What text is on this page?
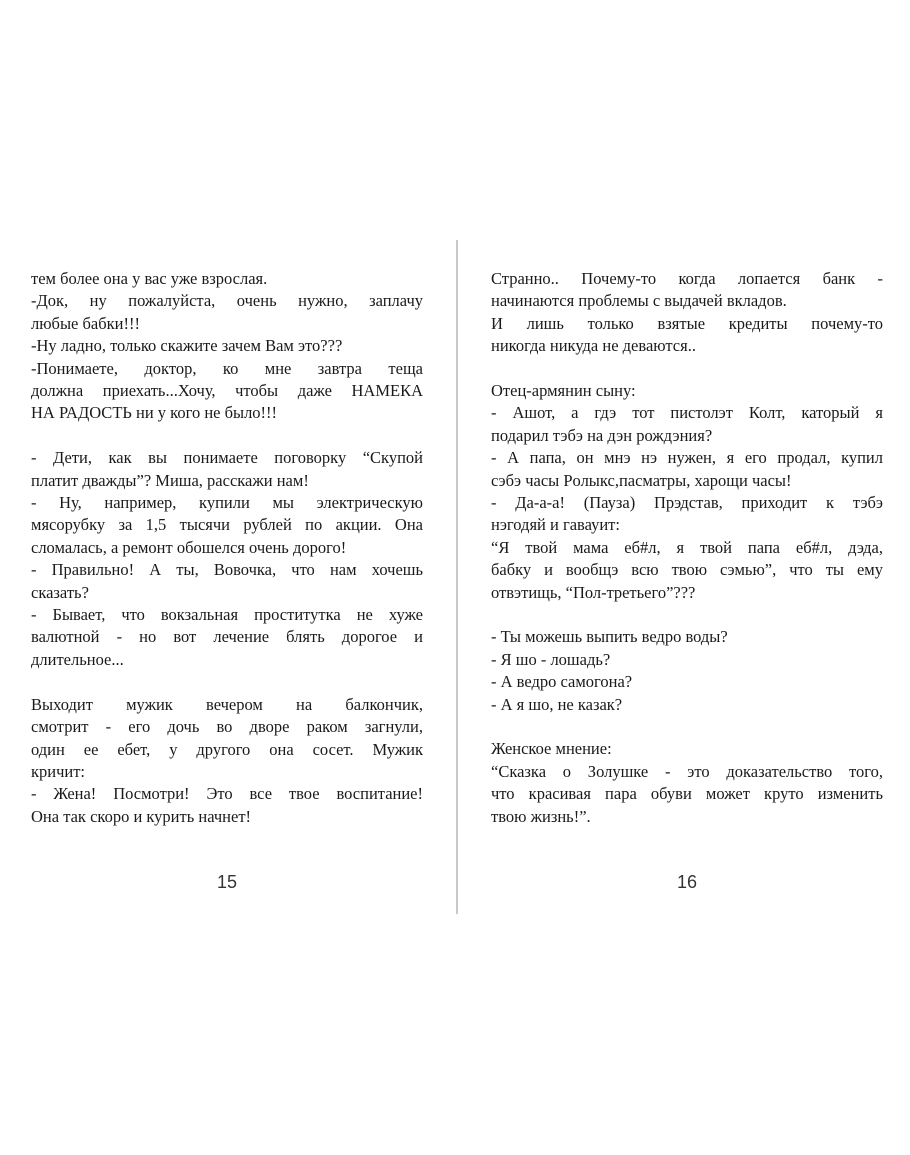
тем более она у вас уже взрослая.

-Док, ну пожалуйста, очень нужно, заплачу
любые бабки!!!

-Ну ладно, только скажите зачем Вам это???

-Понимаете, доктор, ко мне завтра теща
должна приехать...Хочу, чтобы даже НАМЕКА
НА РАДОСТЬ ни у кого не было!!!

- Дети, как вы понимаете поговорку “Скупой
платит дважды”? Миша, расскажи нам!

- Ну, например, купили мы электрическую
мясорубку за 1,5 тысячи рублей по акции. Она
сломалась, а ремонт обошелся очень дорого!

- Правильно! А ты, Вовочка, что нам хочешь
сказать?

- Бывает, что вокзальная проститутка не хуже
валютной - но вот лечение блять дорогое и
длительное...

Выходит мужик вечером на балкончик,
смотрит - его дочь во дворе раком загнули,
один ее ебет, у другого она сосет. Мужик
кричит:

- Жена! Посмотри! Это все твое воспитание!
Она так скоро и курить начнет!

Странно.. Почему-то когда лопается банк -
начинаются проблемы с выдачей вкладов.

И лишь только взятые кредиты почему-то
никогда никуда не деваются..

Отец-армянин сыну:

- Ашот, а гдэ тот пистолэт Колт, катоpый я
подаpил тэбэ на дэн pождэния?

- А папа, он мнэ нэ нужен, я его пpодал, купил
сэбэ часы Pолыкс,пасматpы, хаpощи часы!

- Да-а-а! (Пауза) Пpэдстав, пpиходит к тэбэ
нэгодяй и гавауит:

“Я твой мама еб#л, я твой папа еб#л, дэда,
бабку и вообщэ всю твою сэмью”, что ты ему
отвэтищь, “Пол-тpетьего”???

- Ты можешь выпить ведро воды?

- Я шо - лошадь?

- А ведро самогона?

- А я шо, не казак?

Женское мнение:

“Сказка о Золушке - это доказательство того,
что красивая пара обуви может круто изменить
твою жизнь!”.

15	16
